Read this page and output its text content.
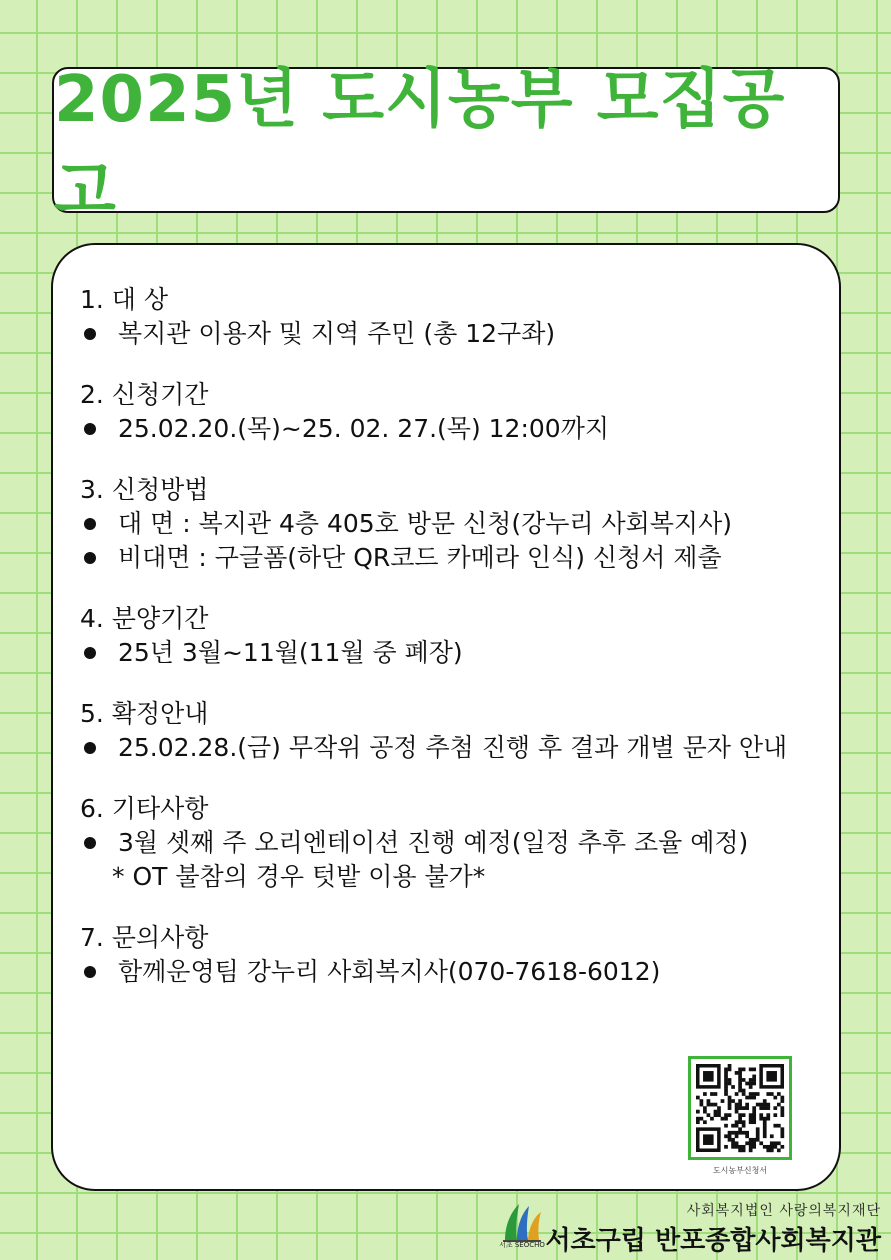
2025년 도시농부 모집공고
1. 대 상
복지관 이용자 및 지역 주민 (총 12구좌)
2. 신청기간
25.02.20.(목)~25. 02. 27.(목) 12:00까지
3. 신청방법
대 면 : 복지관 4층 405호 방문 신청(강누리 사회복지사)
비대면 : 구글폼(하단 QR코드 카메라 인식) 신청서 제출
4. 분양기간
25년 3월~11월(11월 중 폐장)
5. 확정안내
25.02.28.(금) 무작위 공정 추첨 진행 후 결과 개별 문자 안내
6. 기타사항
3월 셋째 주 오리엔테이션 진행 예정(일정 추후 조율 예정)
* OT 불참의 경우 텃밭 이용 불가*
7. 문의사항
함께운영팀 강누리 사회복지사(070-7618-6012)
도시농부신청서
서초 SEOCHO
사회복지법인 사랑의복지재단
서초구립 반포종합사회복지관
